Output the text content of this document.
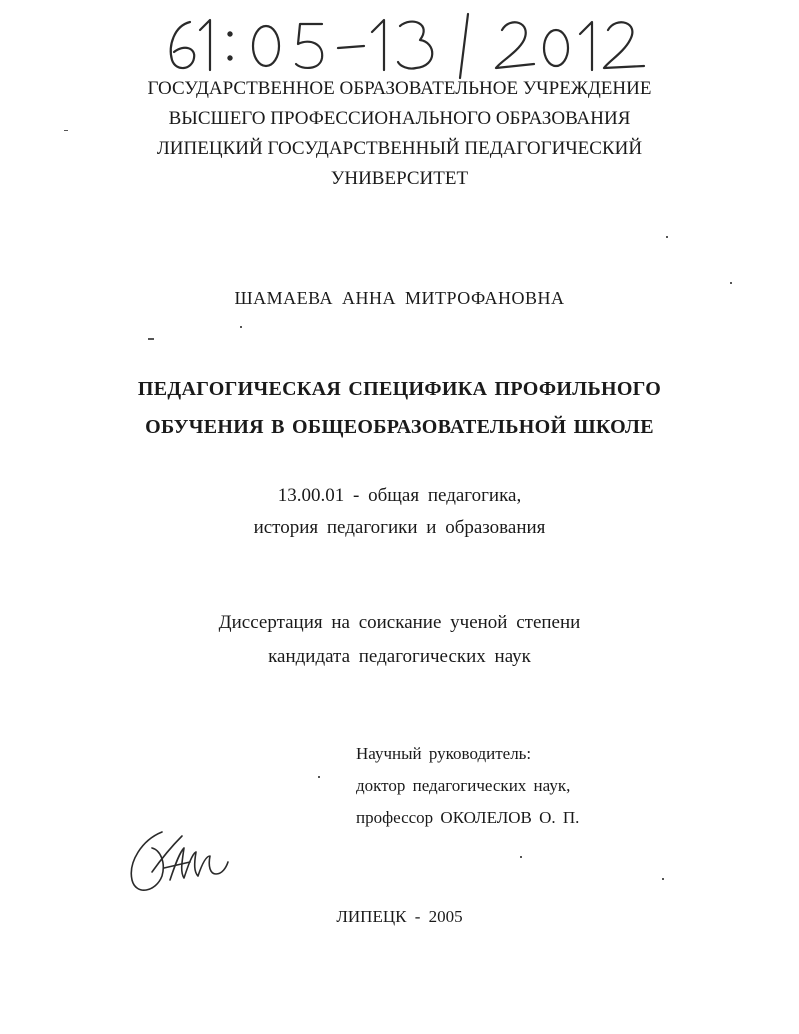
ГОСУДАРСТВЕННОЕ ОБРАЗОВАТЕЛЬНОЕ УЧРЕЖДЕНИЕ
ВЫСШЕГО ПРОФЕССИОНАЛЬНОГО ОБРАЗОВАНИЯ
ЛИПЕЦКИЙ ГОСУДАРСТВЕННЫЙ ПЕДАГОГИЧЕСКИЙ
УНИВЕРСИТЕТ
ШАМАЕВА АННА МИТРОФАНОВНА
ПЕДАГОГИЧЕСКАЯ СПЕЦИФИКА ПРОФИЛЬНОГО
ОБУЧЕНИЯ В ОБЩЕОБРАЗОВАТЕЛЬНОЙ ШКОЛЕ
13.00.01 - общая педагогика,
история педагогики и образования
Диссертация на соискание ученой степени
кандидата педагогических наук
Научный руководитель:
доктор педагогических наук,
профессор ОКОЛЕЛОВ О. П.
ЛИПЕЦК - 2005
